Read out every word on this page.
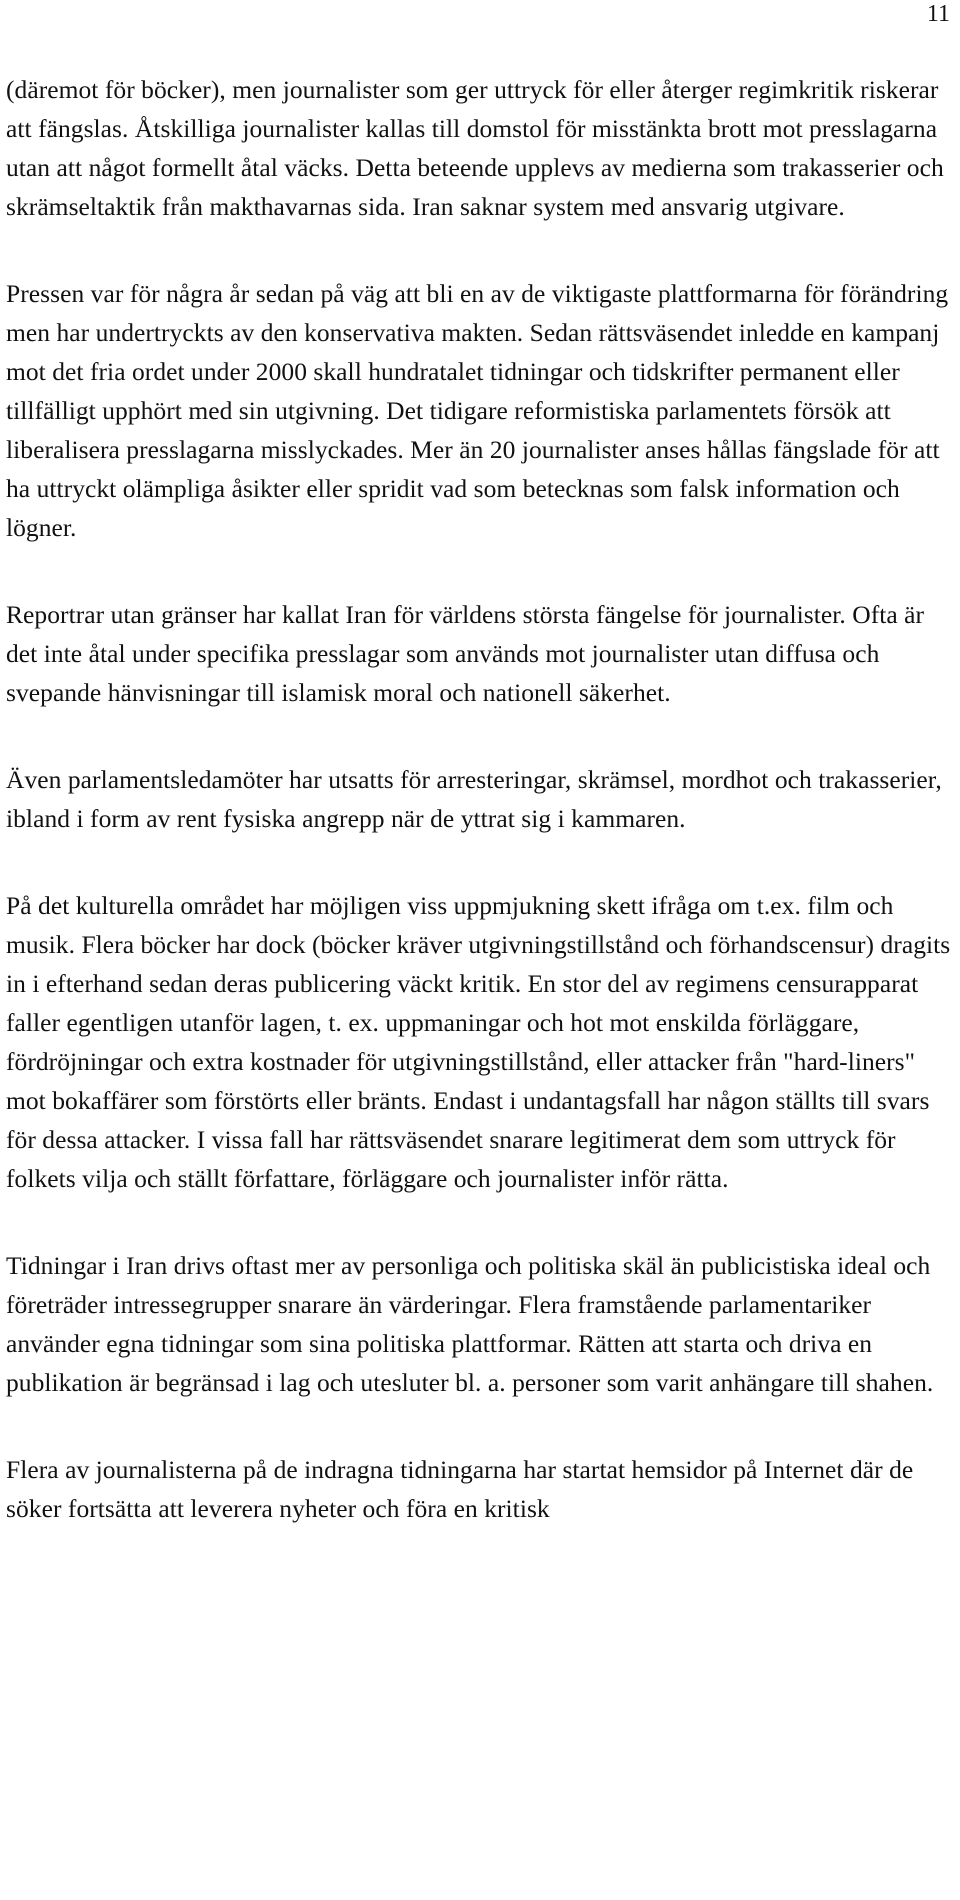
11

(däremot för böcker), men journalister som ger uttryck för eller återger regimkritik riskerar att fängslas. Åtskilliga journalister kallas till domstol för misstänkta brott mot presslagarna utan att något formellt åtal väcks. Detta beteende upplevs av medierna som trakasserier och skrämseltaktik från makthavarnas sida. Iran saknar system med ansvarig utgivare.

Pressen var för några år sedan på väg att bli en av de viktigaste plattformarna för förändring men har undertryckts av den konservativa makten. Sedan rättsväsendet inledde en kampanj mot det fria ordet under 2000 skall hundratalet tidningar och tidskrifter permanent eller tillfälligt upphört med sin utgivning. Det tidigare reformistiska parlamentets försök att liberalisera presslagarna misslyckades. Mer än 20 journalister anses hållas fängslade för att ha uttryckt olämpliga åsikter eller spridit vad som betecknas som falsk information och lögner.

Reportrar utan gränser har kallat Iran för världens största fängelse för journalister. Ofta är det inte åtal under specifika presslagar som används mot journalister utan diffusa och svepande hänvisningar till islamisk moral och nationell säkerhet.

Även parlamentsledamöter har utsatts för arresteringar, skrämsel, mordhot och trakasserier, ibland i form av rent fysiska angrepp när de yttrat sig i kammaren.

På det kulturella området har möjligen viss uppmjukning skett ifråga om t.ex. film och musik. Flera böcker har dock (böcker kräver utgivningstillstånd och förhandscensur) dragits in i efterhand sedan deras publicering väckt kritik. En stor del av regimens censurapparat faller egentligen utanför lagen, t. ex. uppmaningar och hot mot enskilda förläggare, fördröjningar och extra kostnader för utgivningstillstånd, eller attacker från "hard-liners" mot bokaffärer som förstörts eller bränts. Endast i undantagsfall har någon ställts till svars för dessa attacker. I vissa fall har rättsväsendet snarare legitimerat dem som uttryck för folkets vilja och ställt författare, förläggare och journalister inför rätta.

Tidningar i Iran drivs oftast mer av personliga och politiska skäl än publicistiska ideal och företräder intressegrupper snarare än värderingar. Flera framstående parlamentariker använder egna tidningar som sina politiska plattformar. Rätten att starta och driva en publikation är begränsad i lag och utesluter bl. a. personer som varit anhängare till shahen.

Flera av journalisterna på de indragna tidningarna har startat hemsidor på Internet där de söker fortsätta att leverera nyheter och föra en kritisk
